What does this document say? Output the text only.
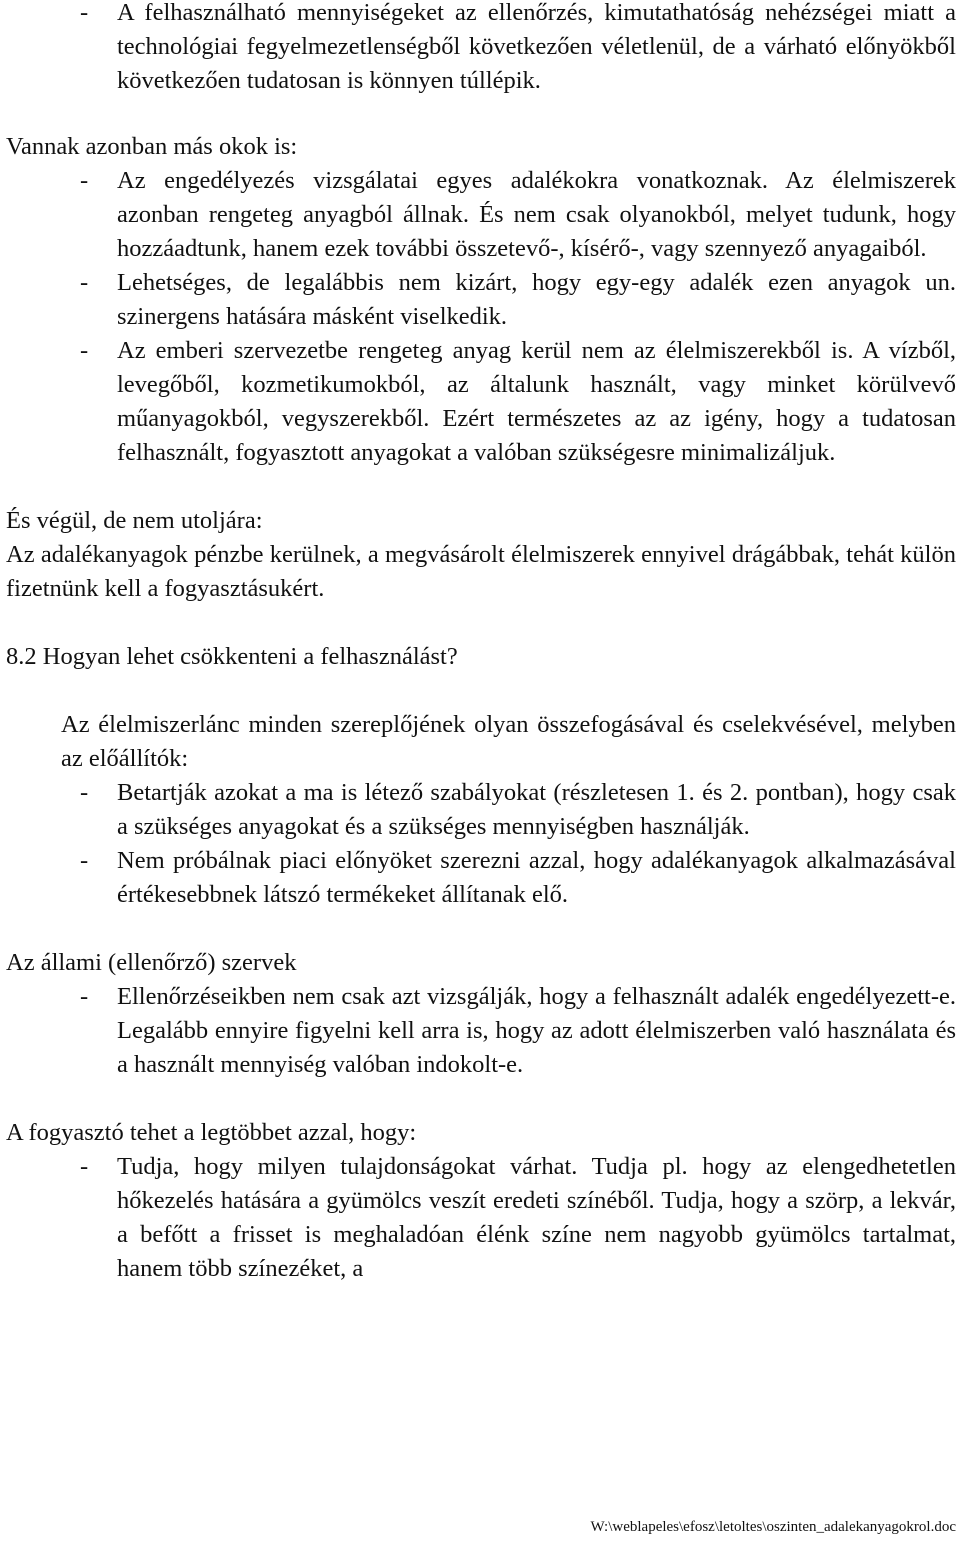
- A felhasználható mennyiségeket az ellenőrzés, kimutathatóság nehézségei miatt a technológiai fegyelmezetlenségből következően véletlenül, de a várható előnyökből következően tudatosan is könnyen túllépik.

Vannak azonban más okok is:

- Az engedélyezés vizsgálatai egyes adalékokra vonatkoznak. Az élelmiszerek azonban rengeteg anyagból állnak. És nem csak olyanokból, melyet tudunk, hogy hozzáadtunk, hanem ezek további összetevő-, kísérő-, vagy szennyező anyagaiból.

- Lehetséges, de legalábbis nem kizárt, hogy egy-egy adalék ezen anyagok un. szinergens hatására másként viselkedik.

- Az emberi szervezetbe rengeteg anyag kerül nem az élelmiszerekből is. A vízből, levegőből, kozmetikumokból, az általunk használt, vagy minket körülvevő műanyagokból, vegyszerekből. Ezért természetes az az igény, hogy a tudatosan felhasznált, fogyasztott anyagokat a valóban szükségesre minimalizáljuk.

És végül, de nem utoljára:

Az adalékanyagok pénzbe kerülnek, a megvásárolt élelmiszerek ennyivel drágábbak, tehát külön fizetnünk kell a fogyasztásukért.

8.2 Hogyan lehet csökkenteni a felhasználást?

Az élelmiszerlánc minden szereplőjének olyan összefogásával és cselekvésével, melyben az előállítók:

- Betartják azokat a ma is létező szabályokat (részletesen 1. és 2. pontban), hogy csak a szükséges anyagokat és a szükséges mennyiségben használják.

- Nem próbálnak piaci előnyöket szerezni azzal, hogy adalékanyagok alkalmazásával értékesebbnek látszó termékeket állítanak elő.

Az állami (ellenőrző) szervek

- Ellenőrzéseikben nem csak azt vizsgálják, hogy a felhasznált adalék engedélyezett-e. Legalább ennyire figyelni kell arra is, hogy az adott élelmiszerben való használata és a használt mennyiség valóban indokolt-e.

A fogyasztó tehet a legtöbbet azzal, hogy:

- Tudja, hogy milyen tulajdonságokat várhat. Tudja pl. hogy az elengedhetetlen hőkezelés hatására a gyümölcs veszít eredeti színéből. Tudja, hogy a szörp, a lekvár, a befőtt a frisset is meghaladóan élénk színe nem nagyobb gyümölcs tartalmat, hanem több színezéket, a

W:\weblapeles\efosz\letoltes\oszinten_adalekanyagokrol.doc
